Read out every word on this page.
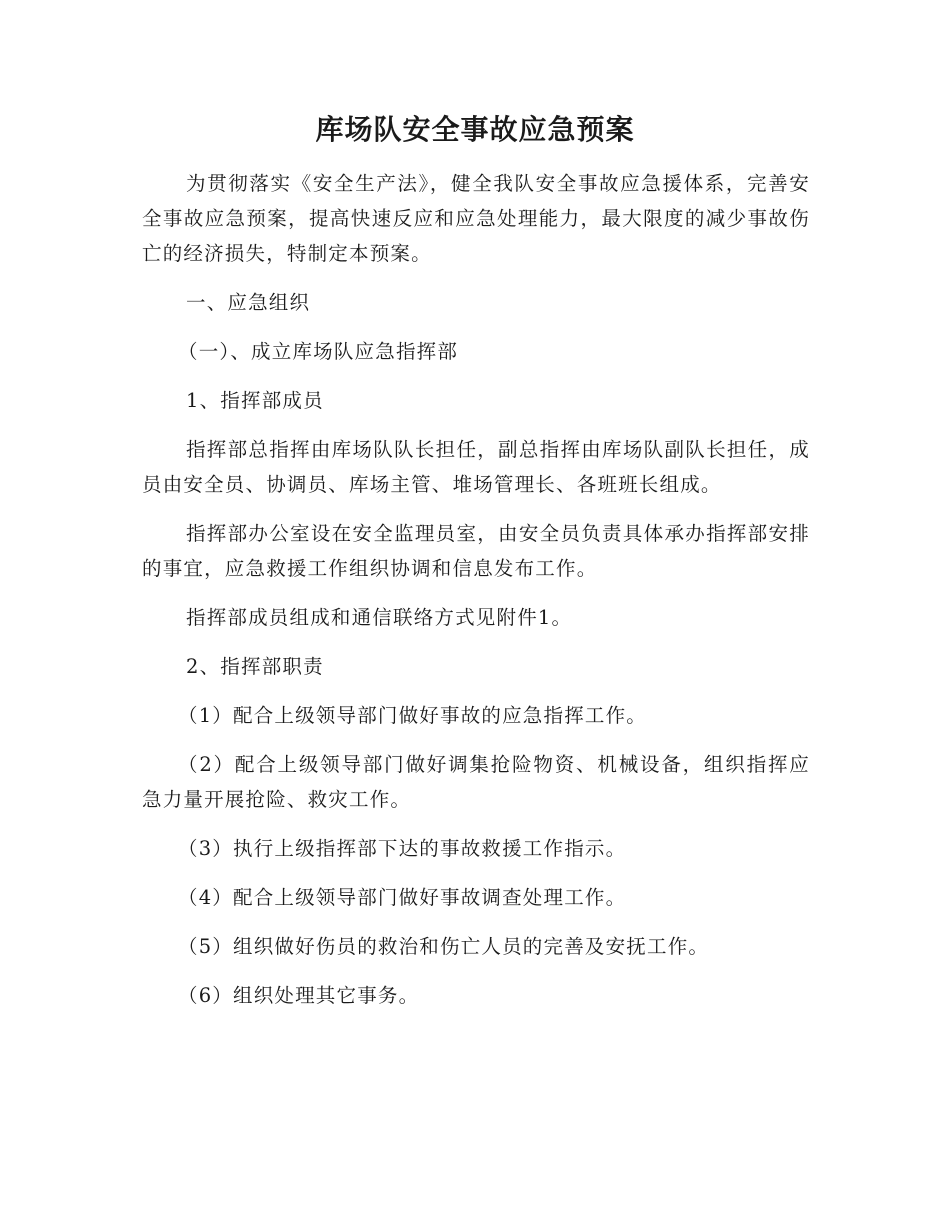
库场队安全事故应急预案

为贯彻落实《安全生产法》，健全我队安全事故应急援体系，完善安全事故应急预案，提高快速反应和应急处理能力，最大限度的减少事故伤亡的经济损失，特制定本预案。

一、应急组织

（一）、成立库场队应急指挥部

1、指挥部成员

指挥部总指挥由库场队队长担任，副总指挥由库场队副队长担任，成员由安全员、协调员、库场主管、堆场管理长、各班班长组成。

指挥部办公室设在安全监理员室，由安全员负责具体承办指挥部安排的事宜，应急救援工作组织协调和信息发布工作。

指挥部成员组成和通信联络方式见附件1。

2、指挥部职责

（1）配合上级领导部门做好事故的应急指挥工作。

（2）配合上级领导部门做好调集抢险物资、机械设备，组织指挥应急力量开展抢险、救灾工作。

（3）执行上级指挥部下达的事故救援工作指示。

（4）配合上级领导部门做好事故调查处理工作。

（5）组织做好伤员的救治和伤亡人员的完善及安抚工作。

（6）组织处理其它事务。
